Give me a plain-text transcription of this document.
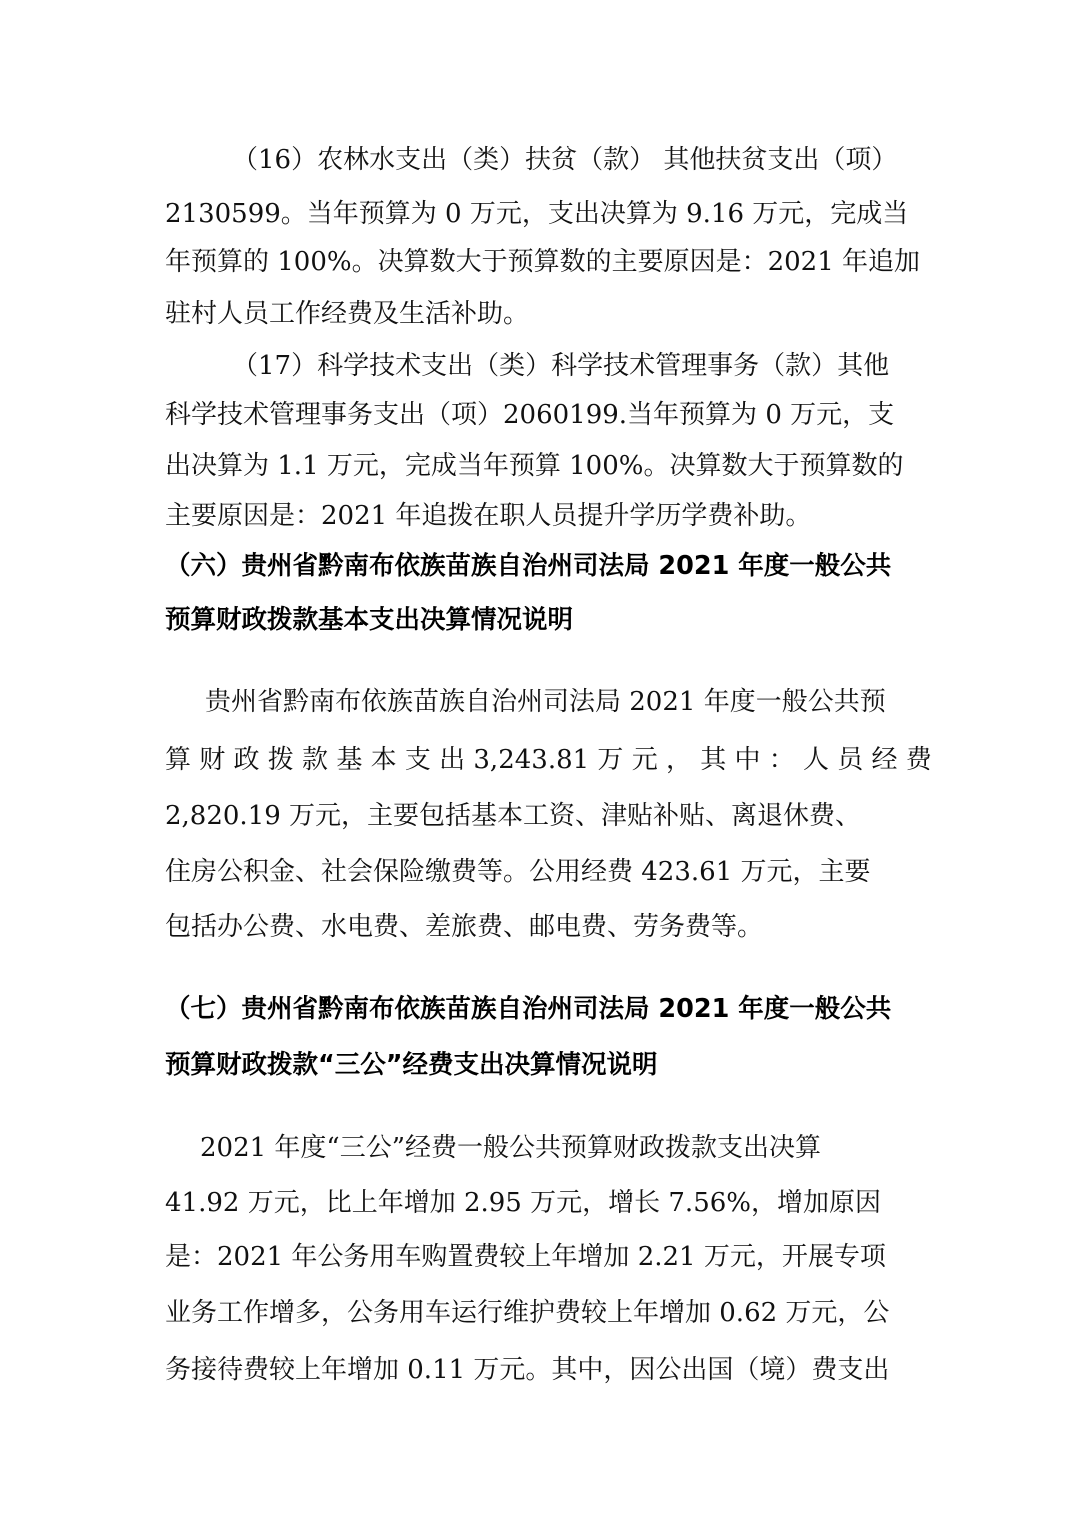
（16）农林水支出（类）扶贫（款） 其他扶贫支出（项）
2130599。当年预算为 0 万元，支出决算为 9.16 万元，完成当
年预算的 100%。决算数大于预算数的主要原因是：2021 年追加
驻村人员工作经费及生活补助。
（17）科学技术支出（类）科学技术管理事务（款）其他
科学技术管理事务支出（项）2060199.当年预算为 0 万元，支
出决算为 1.1 万元，完成当年预算 100%。决算数大于预算数的
主要原因是：2021 年追拨在职人员提升学历学费补助。
（六）贵州省黔南布依族苗族自治州司法局 2021 年度一般公共
预算财政拨款基本支出决算情况说明
贵州省黔南布依族苗族自治州司法局 2021 年度一般公共预
算 财 政 拨 款 基 本 支 出 3,243.81 万 元 ， 其 中 ： 人 员 经 费
2,820.19 万元，主要包括基本工资、津贴补贴、离退休费、
住房公积金、社会保险缴费等。公用经费 423.61 万元，主要
包括办公费、水电费、差旅费、邮电费、劳务费等。
（七）贵州省黔南布依族苗族自治州司法局 2021 年度一般公共
预算财政拨款“三公”经费支出决算情况说明
2021 年度“三公”经费一般公共预算财政拨款支出决算
41.92 万元，比上年增加 2.95 万元，增长 7.56%，增加原因
是：2021 年公务用车购置费较上年增加 2.21 万元，开展专项
业务工作增多，公务用车运行维护费较上年增加 0.62 万元，公
务接待费较上年增加 0.11 万元。其中，因公出国（境）费支出
